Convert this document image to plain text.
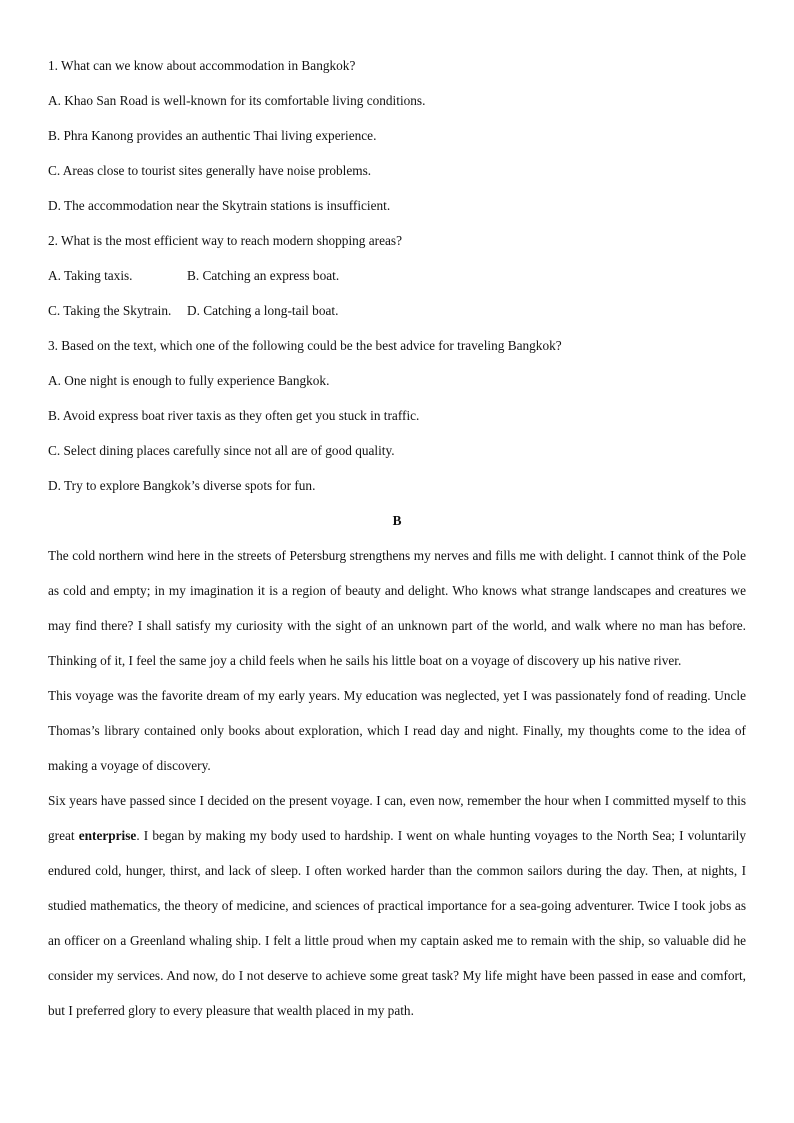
1. What can we know about accommodation in Bangkok?
A. Khao San Road is well-known for its comfortable living conditions.
B. Phra Kanong provides an authentic Thai living experience.
C. Areas close to tourist sites generally have noise problems.
D. The accommodation near the Skytrain stations is insufficient.
2. What is the most efficient way to reach modern shopping areas?
A. Taking taxis.	B. Catching an express boat.
C. Taking the Skytrain. D. Catching a long-tail boat.
3. Based on the text, which one of the following could be the best advice for traveling Bangkok?
A. One night is enough to fully experience Bangkok.
B. Avoid express boat river taxis as they often get you stuck in traffic.
C. Select dining places carefully since not all are of good quality.
D. Try to explore Bangkok’s diverse spots for fun.
B

The cold northern wind here in the streets of Petersburg strengthens my nerves and fills me with delight. I cannot think of the Pole as cold and empty; in my imagination it is a region of beauty and delight. Who knows what strange landscapes and creatures we may find there? I shall satisfy my curiosity with the sight of an unknown part of the world, and walk where no man has before. Thinking of it, I feel the same joy a child feels when he sails his little boat on a voyage of discovery up his native river.

This voyage was the favorite dream of my early years. My education was neglected, yet I was passionately fond of reading. Uncle Thomas’s library contained only books about exploration, which I read day and night. Finally, my thoughts come to the idea of making a voyage of discovery.

Six years have passed since I decided on the present voyage. I can, even now, remember the hour when I committed myself to this great enterprise. I began by making my body used to hardship. I went on whale hunting voyages to the North Sea; I voluntarily endured cold, hunger, thirst, and lack of sleep. I often worked harder than the common sailors during the day. Then, at nights, I studied mathematics, the theory of medicine, and sciences of practical importance for a sea-going adventurer. Twice I took jobs as an officer on a Greenland whaling ship. I felt a little proud when my captain asked me to remain with the ship, so valuable did he consider my services. And now, do I not deserve to achieve some great task? My life might have been passed in ease and comfort, but I preferred glory to every pleasure that wealth placed in my path.
